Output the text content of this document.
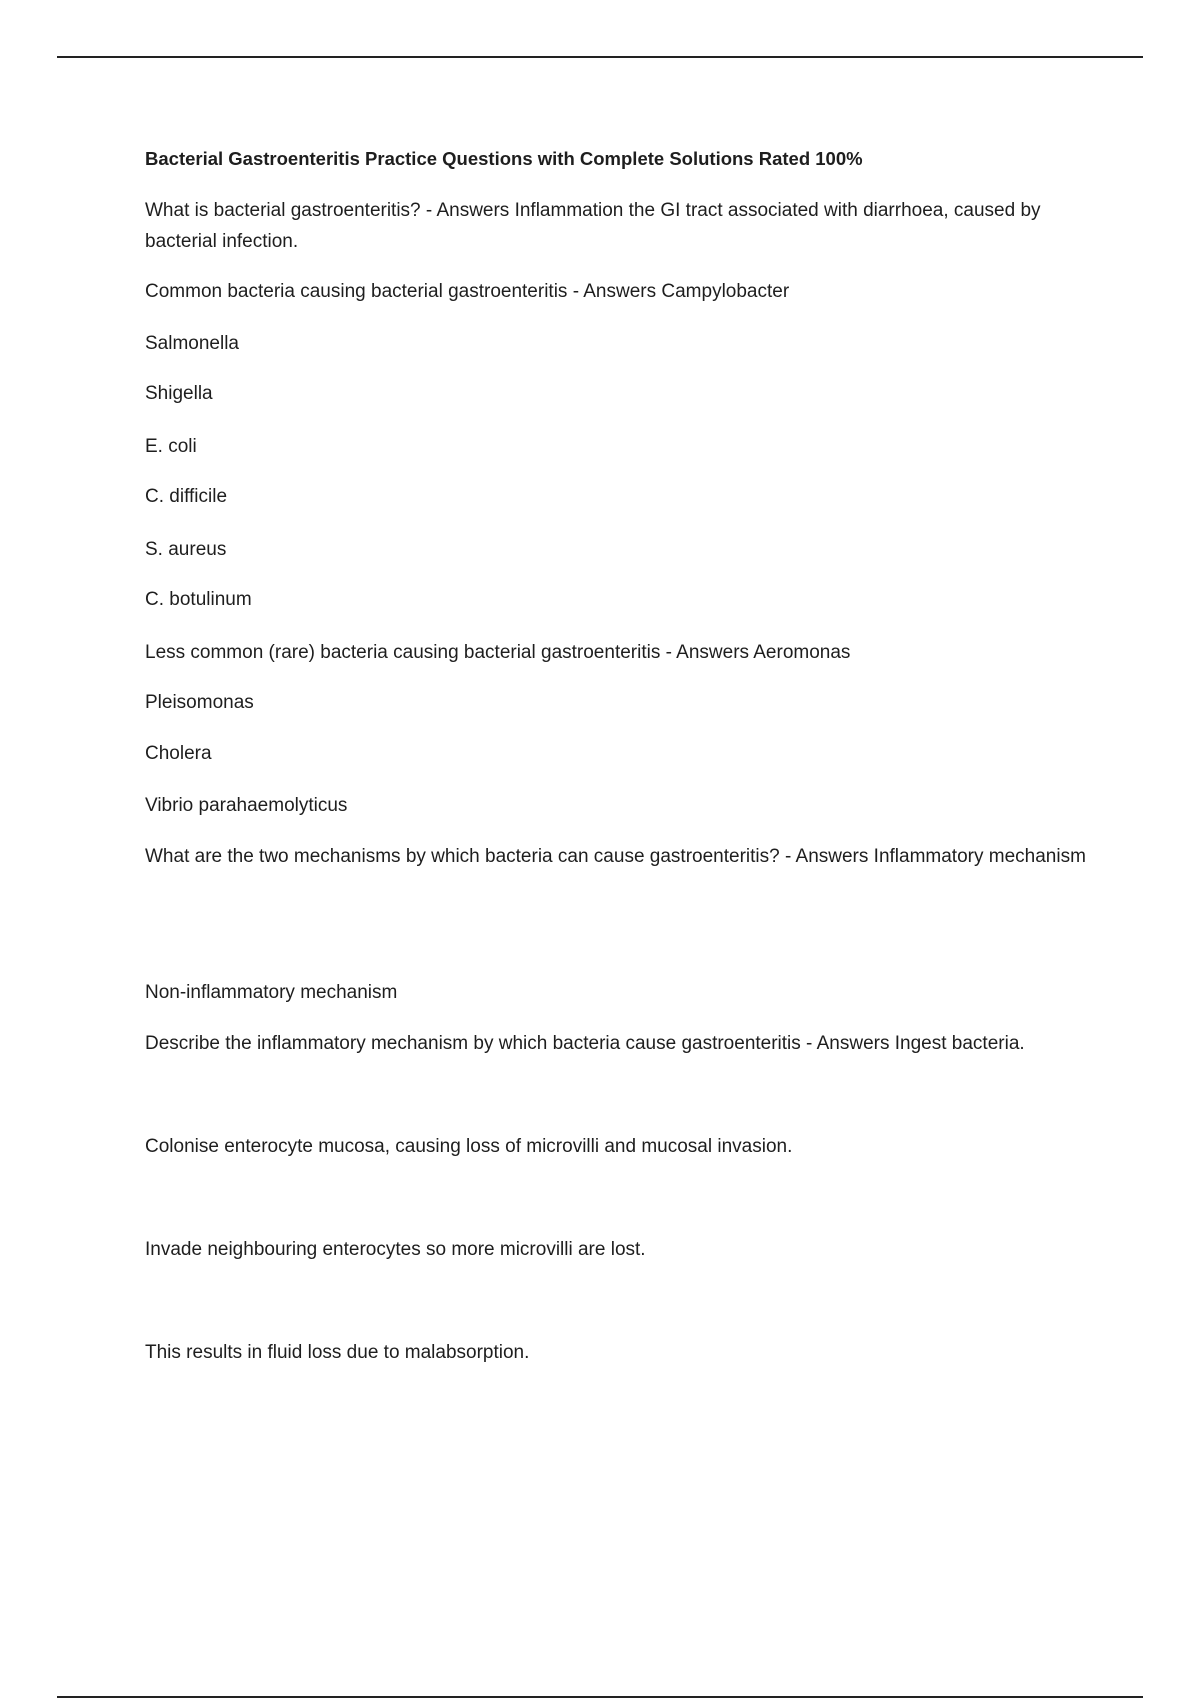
Bacterial Gastroenteritis Practice Questions with Complete Solutions Rated 100%
What is bacterial gastroenteritis? - Answers Inflammation the GI tract associated with diarrhoea, caused by bacterial infection.
Common bacteria causing bacterial gastroenteritis - Answers Campylobacter
Salmonella
Shigella
E. coli
C. difficile
S. aureus
C. botulinum
Less common (rare) bacteria causing bacterial gastroenteritis - Answers Aeromonas
Pleisomonas
Cholera
Vibrio parahaemolyticus
What are the two mechanisms by which bacteria can cause gastroenteritis? - Answers Inflammatory mechanism
Non-inflammatory mechanism
Describe the inflammatory mechanism by which bacteria cause gastroenteritis - Answers Ingest bacteria.
Colonise enterocyte mucosa, causing loss of microvilli and mucosal invasion.
Invade neighbouring enterocytes so more microvilli are lost.
This results in fluid loss due to malabsorption.
